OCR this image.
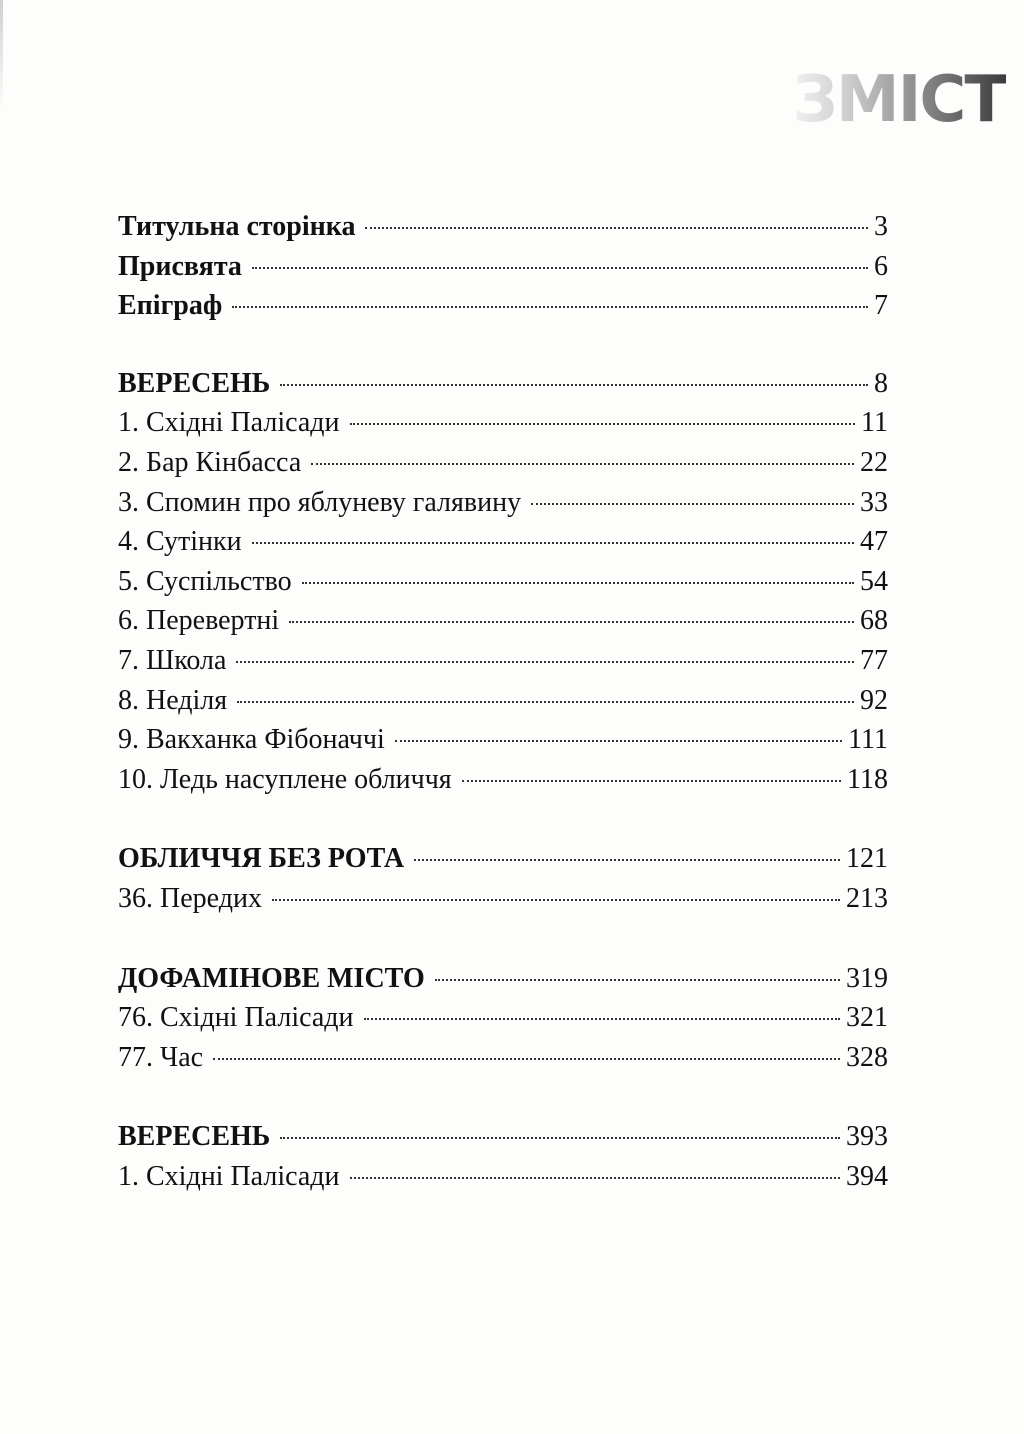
ЗМІСТ
Титульна сторінка	3
Присвята	6
Епіграф	7
ВЕРЕСЕНЬ	8
1. Східні Палісади	11
2. Бар Кінбасса	22
3. Спомин про яблуневу галявину	33
4. Сутінки	47
5. Суспільство	54
6. Перевертні	68
7. Школа	77
8. Неділя	92
9. Вакханка Фібоначчі	111
10. Ледь насуплене обличчя	118
ОБЛИЧЧЯ БЕЗ РОТА	121
36. Передих	213
ДОФАМІНОВЕ МІСТО	319
76. Східні Палісади	321
77. Час	328
ВЕРЕСЕНЬ	393
1. Східні Палісади	394
